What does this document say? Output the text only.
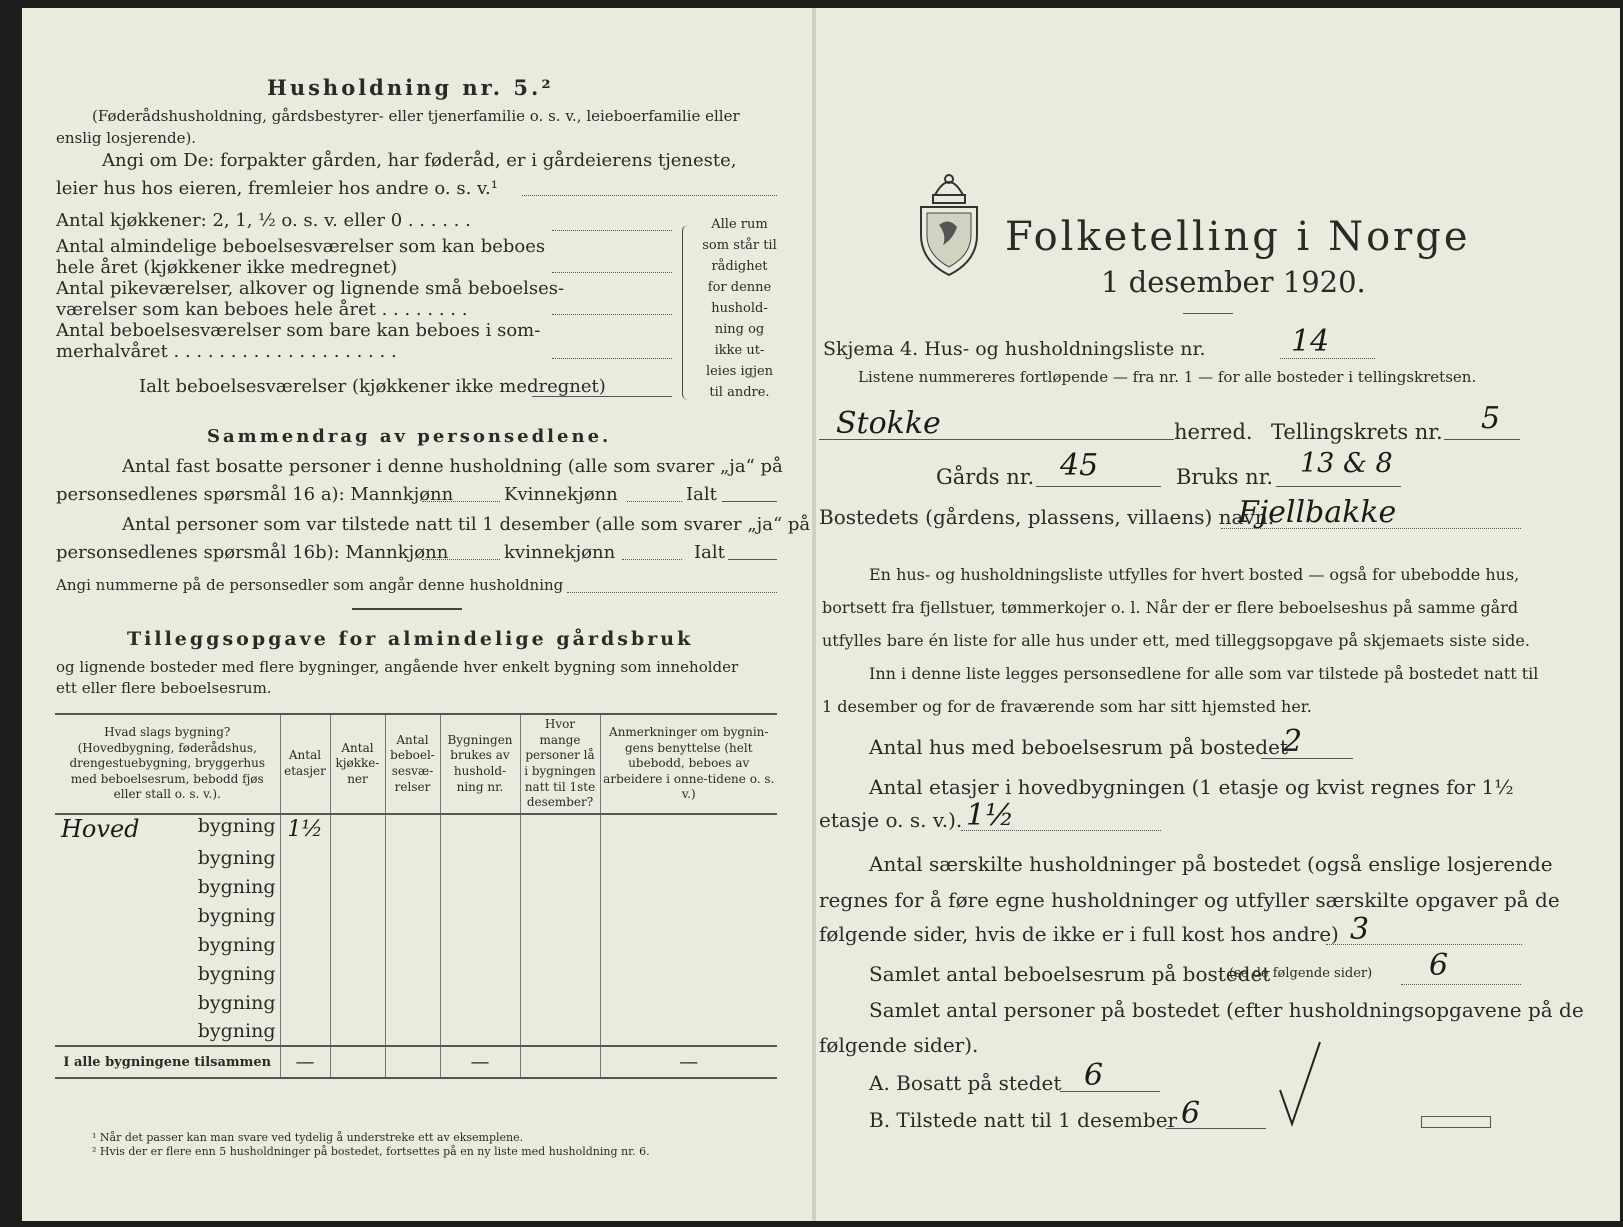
Husholdning nr. 5.²
(Føderådshusholdning, gårdsbestyrer- eller tjenerfamilie o. s. v., leieboerfamilie eller
enslig losjerende).
Angi om De: forpakter gården, har føderåd, er i gårdeierens tjeneste,
leier hus hos eieren, fremleier hos andre o. s. v.¹
Antal kjøkkener: 2, 1, ½ o. s. v. eller 0 . . . . . .
Antal almindelige beboelsesværelser som kan beboes
hele året (kjøkkener ikke medregnet)
Antal pikeværelser, alkover og lignende små beboelses-
værelser som kan beboes hele året . . . . . . . .
Antal beboelsesværelser som bare kan beboes i som-
merhalvåret . . . . . . . . . . . . . . . . . . . .
Ialt beboelsesværelser (kjøkkener ikke medregnet)
Alle rum
som står til
rådighet
for denne
hushold-
ning og
ikke ut-
leies igjen
til andre.
Sammendrag av personsedlene.
Antal fast bosatte personer i denne husholdning (alle som svarer „ja“ på
personsedlenes spørsmål 16 a): Mannkjønn	Kvinnekjønn	Ialt
Antal personer som var tilstede natt til 1 desember (alle som svarer „ja“ på
personsedlenes spørsmål 16b): Mannkjønn	kvinnekjønn	Ialt
Angi nummerne på de personsedler som angår denne husholdning
Tilleggsopgave for almindelige gårdsbruk
og lignende bosteder med flere bygninger, angående hver enkelt bygning som inneholder
ett eller flere beboelsesrum.
Hvad slags bygning?
(Hovedbygning, føderådshus, drengestuebygning, bryggerhus med beboelsesrum, bebodd fjøs eller stall o. s. v.).	Antal etasjer	Antal kjøkke-ner	Antal beboel-sesvæ-relser	Bygningen brukes av hushold-ning nr.	Hvor mange personer lå i bygningen natt til 1ste desember?	Anmerkninger om bygnin-gens benyttelse (helt ubebodd, beboes av arbeidere i onne-tidene o. s. v.)
Hoved bygning	1½					
bygning						
bygning						
bygning						
bygning						
bygning						
bygning						
bygning						
I alle bygningene tilsammen	—			—		—
¹ Når det passer kan man svare ved tydelig å understreke ett av eksemplene.
² Hvis der er flere enn 5 husholdninger på bostedet, fortsettes på en ny liste med husholdning nr. 6.
Folketelling i Norge
1 desember 1920.
Skjema 4. Hus- og husholdningsliste nr.	14
Listene nummereres fortløpende — fra nr. 1 — for alle bosteder i tellingskretsen.
Stokke	herred. Tellingskrets nr. 5
Gårds nr. 45	Bruks nr. 13 & 8
Bostedets (gårdens, plassens, villaens) navn:
Fjellbakke
En hus- og husholdningsliste utfylles for hvert bosted — også for ubebodde hus,
bortsett fra fjellstuer, tømmerkojer o. l. Når der er flere beboelseshus på samme gård
utfylles bare én liste for alle hus under ett, med tilleggsopgave på skjemaets siste side.
Inn i denne liste legges personsedlene for alle som var tilstede på bostedet natt til
1 desember og for de fraværende som har sitt hjemsted her.
Antal hus med beboelsesrum på bostedet
2
Antal etasjer i hovedbygningen (1 etasje og kvist regnes for 1½
etasje o. s. v.). 1½
Antal særskilte husholdninger på bostedet (også enslige losjerende
regnes for å føre egne husholdninger og utfyller særskilte opgaver på de
følgende sider, hvis de ikke er i full kost hos andre) 3
Samlet antal beboelsesrum på bostedet
(se de følgende sider) 6
Samlet antal personer på bostedet (efter husholdningsopgavene på de
følgende sider).
A. Bosatt på stedet 6
B. Tilstede natt til 1 desember 6
